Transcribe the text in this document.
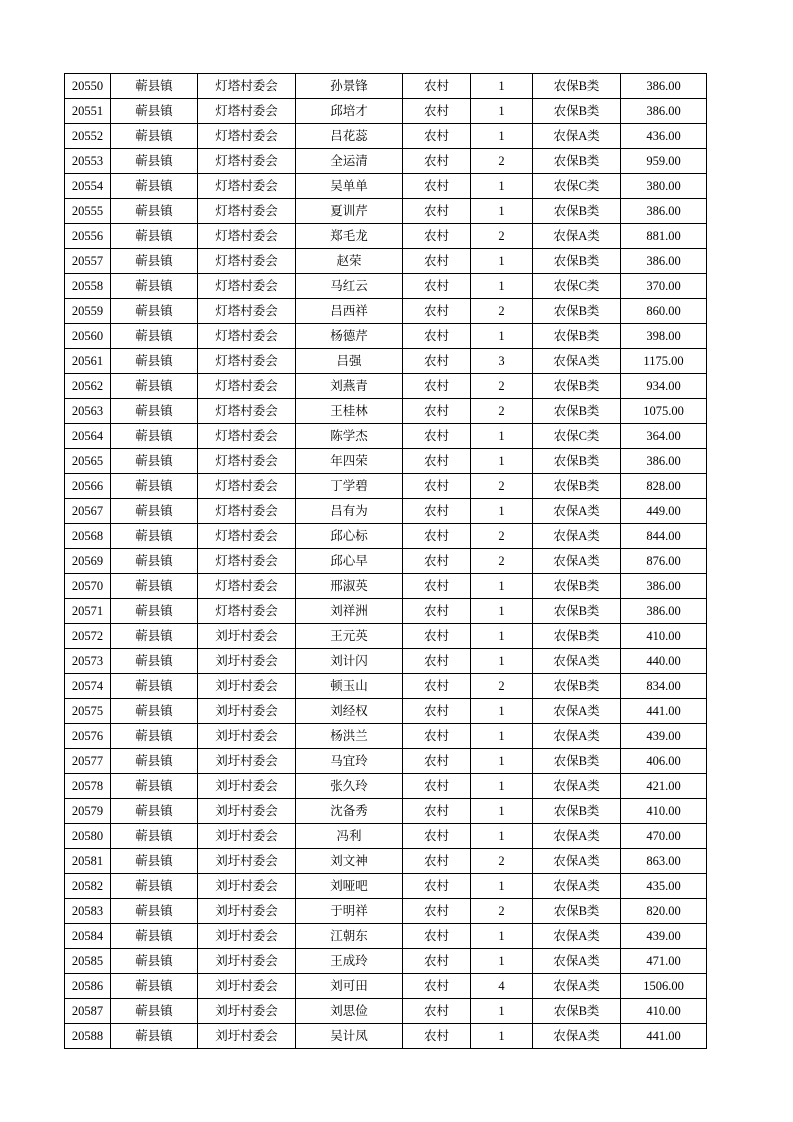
20550	蕲县镇	灯塔村委会	孙景锋	农村	1	农保B类	386.00
20551	蕲县镇	灯塔村委会	邱培才	农村	1	农保B类	386.00
20552	蕲县镇	灯塔村委会	吕花蕊	农村	1	农保A类	436.00
20553	蕲县镇	灯塔村委会	全运清	农村	2	农保B类	959.00
20554	蕲县镇	灯塔村委会	吴单单	农村	1	农保C类	380.00
20555	蕲县镇	灯塔村委会	夏训芹	农村	1	农保B类	386.00
20556	蕲县镇	灯塔村委会	郑毛龙	农村	2	农保A类	881.00
20557	蕲县镇	灯塔村委会	赵荣	农村	1	农保B类	386.00
20558	蕲县镇	灯塔村委会	马红云	农村	1	农保C类	370.00
20559	蕲县镇	灯塔村委会	吕西祥	农村	2	农保B类	860.00
20560	蕲县镇	灯塔村委会	杨德芹	农村	1	农保B类	398.00
20561	蕲县镇	灯塔村委会	吕强	农村	3	农保A类	1175.00
20562	蕲县镇	灯塔村委会	刘燕青	农村	2	农保B类	934.00
20563	蕲县镇	灯塔村委会	王桂林	农村	2	农保B类	1075.00
20564	蕲县镇	灯塔村委会	陈学杰	农村	1	农保C类	364.00
20565	蕲县镇	灯塔村委会	年四荣	农村	1	农保B类	386.00
20566	蕲县镇	灯塔村委会	丁学碧	农村	2	农保B类	828.00
20567	蕲县镇	灯塔村委会	吕有为	农村	1	农保A类	449.00
20568	蕲县镇	灯塔村委会	邱心标	农村	2	农保A类	844.00
20569	蕲县镇	灯塔村委会	邱心早	农村	2	农保A类	876.00
20570	蕲县镇	灯塔村委会	邢淑英	农村	1	农保B类	386.00
20571	蕲县镇	灯塔村委会	刘祥洲	农村	1	农保B类	386.00
20572	蕲县镇	刘圩村委会	王元英	农村	1	农保B类	410.00
20573	蕲县镇	刘圩村委会	刘计闪	农村	1	农保A类	440.00
20574	蕲县镇	刘圩村委会	顿玉山	农村	2	农保B类	834.00
20575	蕲县镇	刘圩村委会	刘经权	农村	1	农保A类	441.00
20576	蕲县镇	刘圩村委会	杨洪兰	农村	1	农保A类	439.00
20577	蕲县镇	刘圩村委会	马宜玲	农村	1	农保B类	406.00
20578	蕲县镇	刘圩村委会	张久玲	农村	1	农保A类	421.00
20579	蕲县镇	刘圩村委会	沈备秀	农村	1	农保B类	410.00
20580	蕲县镇	刘圩村委会	冯利	农村	1	农保A类	470.00
20581	蕲县镇	刘圩村委会	刘文神	农村	2	农保A类	863.00
20582	蕲县镇	刘圩村委会	刘哑吧	农村	1	农保A类	435.00
20583	蕲县镇	刘圩村委会	于明祥	农村	2	农保B类	820.00
20584	蕲县镇	刘圩村委会	江朝东	农村	1	农保A类	439.00
20585	蕲县镇	刘圩村委会	王成玲	农村	1	农保A类	471.00
20586	蕲县镇	刘圩村委会	刘可田	农村	4	农保A类	1506.00
20587	蕲县镇	刘圩村委会	刘思俭	农村	1	农保B类	410.00
20588	蕲县镇	刘圩村委会	吴计凤	农村	1	农保A类	441.00
